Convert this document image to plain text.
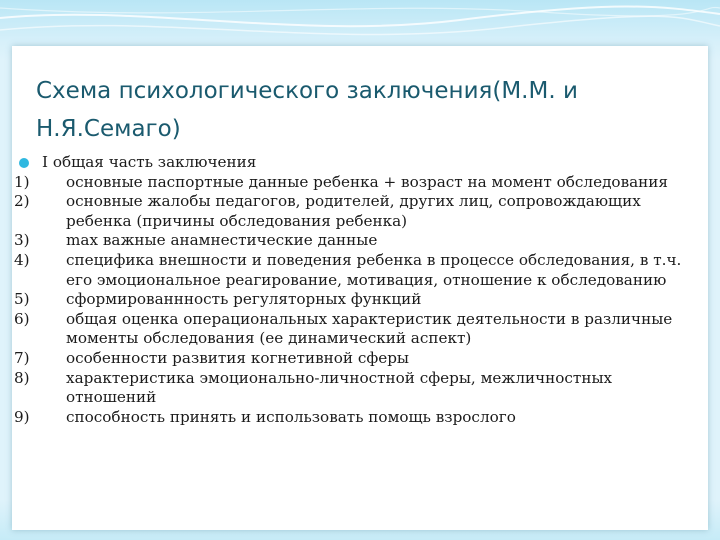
Схема психологического заключения(М.М. и Н.Я.Семаго)
I общая часть заключения
1) основные паспортные данные ребенка + возраст на момент обследования
2) основные жалобы педагогов, родителей, других лиц, сопровождающих ребенка (причины обследования ребенка)
3) max важные анамнестические данные
4) специфика внешности и поведения ребенка в процессе обследования, в т.ч. его эмоциональное реагирование, мотивация, отношение к обследованию
5) сформированнность регуляторных функций
6) общая оценка операциональных характеристик деятельности в различные моменты обследования (ее динамический аспект)
7) особенности развития когнетивной сферы
8) характеристика эмоционально-личностной сферы, межличностных отношений
9) способность принять и использовать помощь взрослого
